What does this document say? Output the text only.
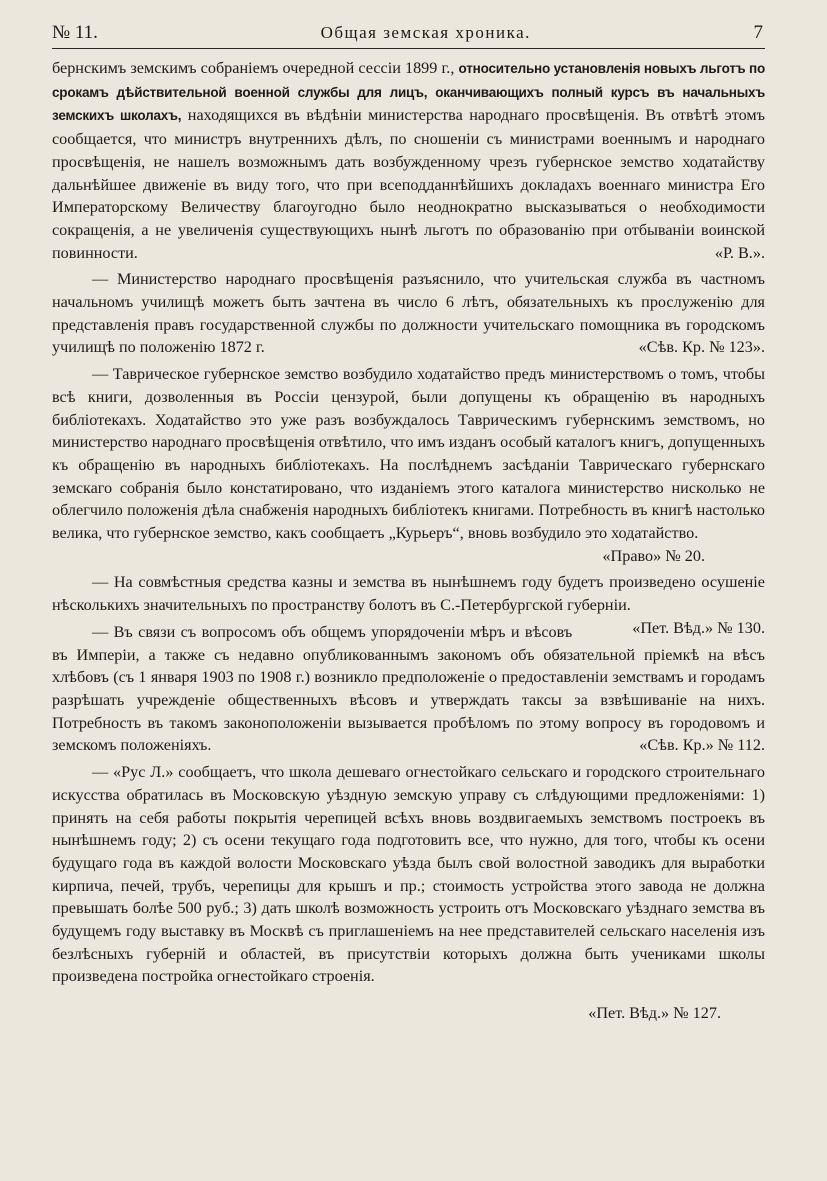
№ 11.	Общая земская хроника.	7

бернскимъ земскимъ собраніемъ очередной сессіи 1899 г., относительно установленія новыхъ льготъ по срокамъ дѣйствительной военной службы для лицъ, оканчивающихъ полный курсъ въ начальныхъ земскихъ школахъ, находящихся въ вѣдѣніи министерства народнаго просвѣщенія. Въ отвѣтѣ этомъ сообщается, что министръ внутреннихъ дѣлъ, по сношеніи съ министрами военнымъ и народнаго просвѣщенія, не нашелъ возможнымъ дать возбужденному чрезъ губернское земство ходатайству дальнѣйшее движеніе въ виду того, что при всеподданнѣйшихъ докладахъ военнаго министра Его Императорскому Величеству благоугодно было неоднократно высказываться о необходимости сокращенія, а не увеличенія существующихъ нынѣ льготъ по образованію при отбываніи воинской повинности.	«Р. В.».

— Министерство народнаго просвѣщенія разъяснило, что учительская служба въ частномъ начальномъ училищѣ можетъ быть зачтена въ число 6 лѣтъ, обязательныхъ къ прослуженію для представленія правъ государственной службы по должности учительскаго помощника въ городскомъ училищѣ по положенію 1872 г.	«Сѣв. Кр. № 123».

— Таврическое губернское земство возбудило ходатайство предъ министерствомъ о томъ, чтобы всѣ книги, дозволенныя въ Россіи цензурой, были допущены къ обращенію въ народныхъ библіотекахъ. Ходатайство это уже разъ возбуждалось Таврическимъ губернскимъ земствомъ, но министерство народнаго просвѣщенія отвѣтило, что имъ изданъ особый каталогъ книгъ, допущенныхъ къ обращенію въ народныхъ библіотекахъ. На послѣднемъ засѣданіи Таврическаго губернскаго земскаго собранія было констатировано, что изданіемъ этого каталога министерство нисколько не облегчило положенія дѣла снабженія народныхъ библіотекъ книгами. Потребность въ книгѣ настолько велика, что губернское земство, какъ сообщаетъ „Курьеръ“, вновь возбудило это ходатайство.

«Право» № 20.

— На совмѣстныя средства казны и земства въ нынѣшнемъ году будетъ произведено осушеніе нѣсколькихъ значительныхъ по пространству болотъ въ С.-Петербургской губерніи.
«Пет. Вѣд.» № 130.

— Въ связи съ вопросомъ объ общемъ упорядоченіи мѣръ и вѣсовъ въ Имперіи, а также съ недавно опубликованнымъ закономъ объ обязательной пріемкѣ на вѣсъ хлѣбовъ (съ 1 января 1903 по 1908 г.) возникло предположеніе о предоставленіи земствамъ и городамъ разрѣшать учрежденіе общественныхъ вѣсовъ и утверждать таксы за взвѣшиваніе на нихъ. Потребность въ такомъ законоположеніи вызывается пробѣломъ по этому вопросу въ городовомъ и земскомъ положеніяхъ.	«Сѣв. Кр.» № 112.

— «Рус Л.» сообщаетъ, что школа дешеваго огнестойкаго сельскаго и городского строительнаго искусства обратилась въ Московскую уѣздную земскую управу съ слѣдующими предложеніями: 1) принять на себя работы покрытія черепицей всѣхъ вновь воздвигаемыхъ земствомъ построекъ въ нынѣшнемъ году; 2) съ осени текущаго года подготовить все, что нужно, для того, чтобы къ осени будущаго года въ каждой волости Московскаго уѣзда былъ свой волостной заводикъ для выработки кирпича, печей, трубъ, черепицы для крышъ и пр.; стоимость устройства этого завода не должна превышать болѣе 500 руб.; 3) дать школѣ возможность устроить отъ Московскаго уѣзднаго земства въ будущемъ году выставку въ Москвѣ съ приглашеніемъ на нее представителей сельскаго населенія изъ безлѣсныхъ губерній и областей, въ присутствіи которыхъ должна быть учениками школы произведена постройка огнестойкаго строенія.

«Пет. Вѣд.» № 127.
